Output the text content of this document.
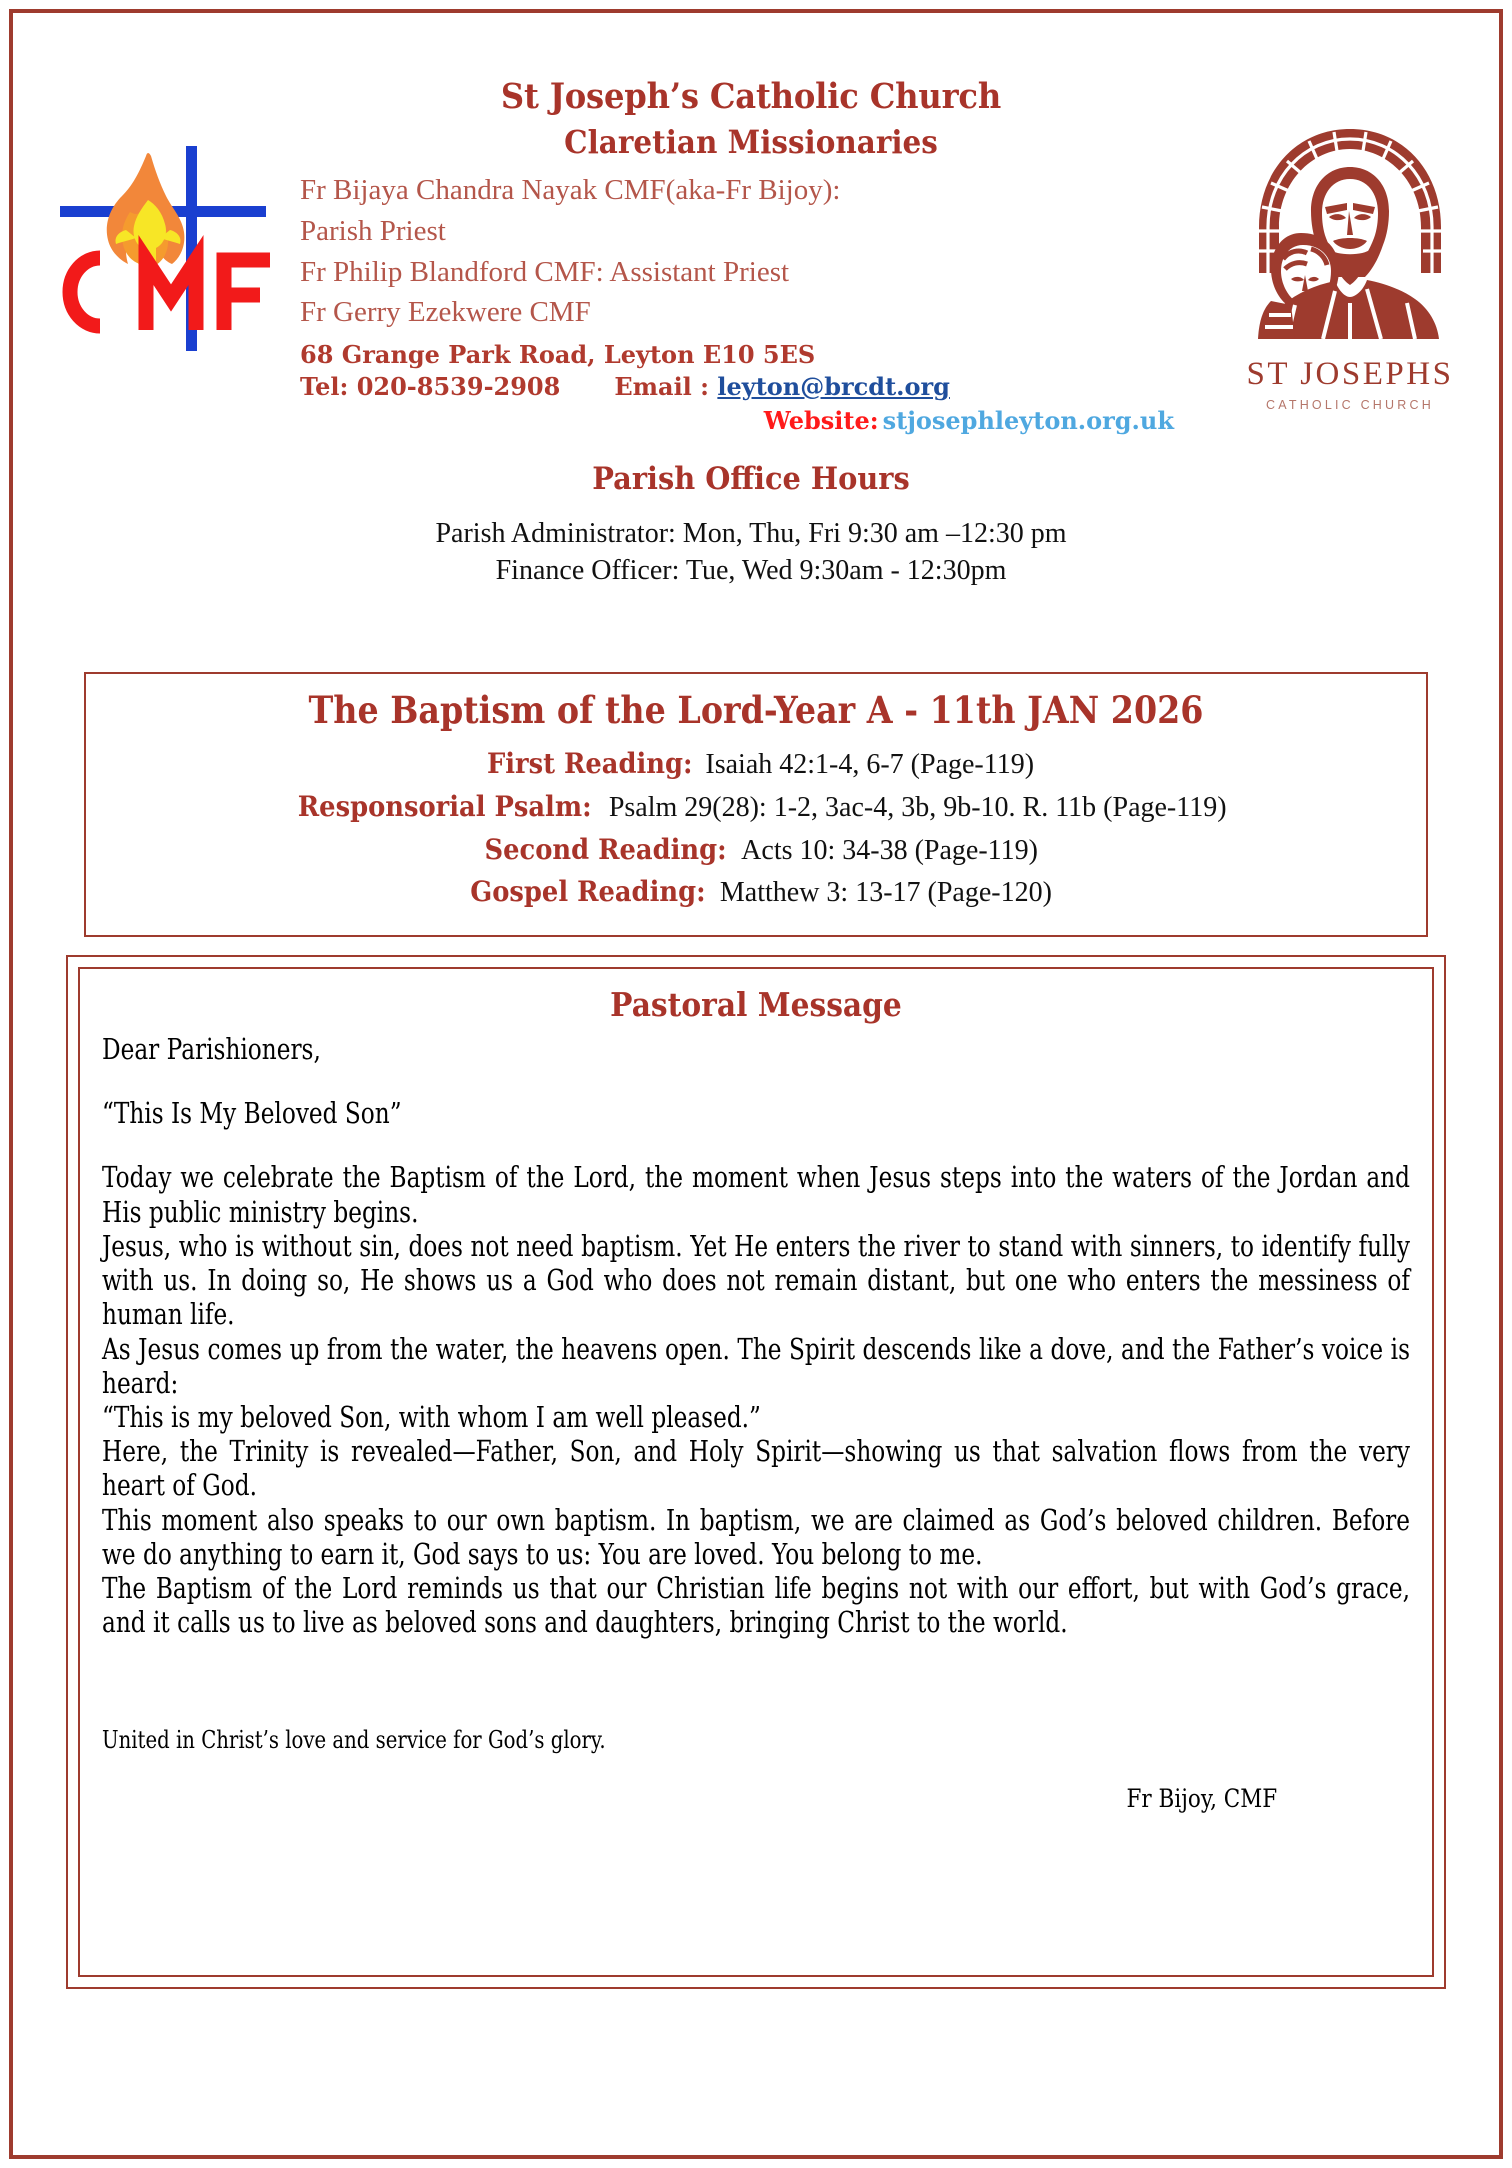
St Joseph’s Catholic Church
Claretian Missionaries
Fr Bijaya Chandra Nayak CMF(aka-Fr Bijoy):
Parish Priest
Fr Philip Blandford CMF: Assistant Priest
Fr Gerry Ezekwere CMF
68 Grange Park Road, Leyton E10 5ES
Tel: 020-8539-2908 Email : leyton@brcdt.org
Website: stjosephleyton.org.uk
Parish Office Hours
Parish Administrator: Mon, Thu, Fri 9:30 am –12:30 pm
Finance Officer: Tue, Wed 9:30am - 12:30pm
ST JOSEPHS
CATHOLIC CHURCH
The Baptism of the Lord-Year A - 11th JAN 2026
First Reading: Isaiah 42:1-4, 6-7 (Page-119)
Responsorial Psalm: Psalm 29(28): 1-2, 3ac-4, 3b, 9b-10. R. 11b (Page-119)
Second Reading: Acts 10: 34-38 (Page-119)
Gospel Reading: Matthew 3: 13-17 (Page-120)
Pastoral Message

Dear Parishioners,

“This Is My Beloved Son”

Today we celebrate the Baptism of the Lord, the moment when Jesus steps into the waters of the Jordan and His public ministry begins.

Jesus, who is without sin, does not need baptism. Yet He enters the river to stand with sinners, to identify fully with us. In doing so, He shows us a God who does not remain distant, but one who enters the messiness of human life.

As Jesus comes up from the water, the heavens open. The Spirit descends like a dove, and the Father’s voice is heard:

“This is my beloved Son, with whom I am well pleased.”

Here, the Trinity is revealed—Father, Son, and Holy Spirit—showing us that salvation flows from the very heart of God.

This moment also speaks to our own baptism. In baptism, we are claimed as God’s beloved children. Before we do anything to earn it, God says to us: You are loved. You belong to me.

The Baptism of the Lord reminds us that our Christian life begins not with our effort, but with God’s grace, and it calls us to live as beloved sons and daughters, bringing Christ to the world.

United in Christ’s love and service for God’s glory.
Fr Bijoy, CMF
